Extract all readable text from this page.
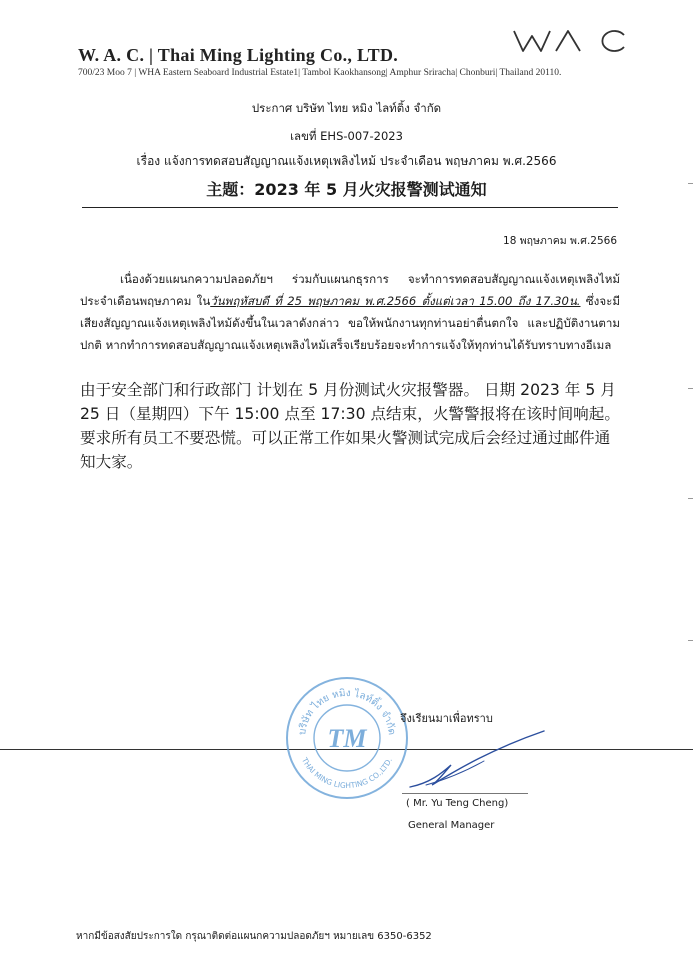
W. A. C. | Thai Ming Lighting Co., LTD.
700/23 Moo 7 | WHA Eastern Seaboard Industrial Estate1| Tambol Kaokhansong| Amphur Sriracha| Chonburi| Thailand 20110.
ประกาศ บริษัท ไทย หมิง ไลท์ติ้ง จำกัด
เลขที่ EHS-007-2023
เรื่อง แจ้งการทดสอบสัญญาณแจ้งเหตุเพลิงไหม้ ประจำเดือน พฤษภาคม พ.ศ.2566
主题：2023 年 5 月火灾报警测试通知
18 พฤษภาคม พ.ศ.2566
เนื่องด้วยแผนกความปลอดภัยฯ ร่วมกับแผนกธุรการ จะทำการทดสอบสัญญาณแจ้งเหตุเพลิงไหม้ประจำเดือนพฤษภาคม ในวันพฤหัสบดี ที่ 25 พฤษภาคม พ.ศ.2566 ตั้งแต่เวลา 15.00 ถึง 17.30น. ซึ่งจะมีเสียงสัญญาณแจ้งเหตุเพลิงไหม้ดังขึ้นในเวลาดังกล่าว ขอให้พนักงานทุกท่านอย่าตื่นตกใจ และปฏิบัติงานตามปกติ หากทำการทดสอบสัญญาณแจ้งเหตุเพลิงไหม้เสร็จเรียบร้อยจะทำการแจ้งให้ทุกท่านได้รับทราบทางอีเมล
由于安全部门和行政部门 计划在 5 月份测试火灾报警器。 日期 2023 年 5 月 25 日（星期四）下午 15:00 点至 17:30 点结束，火警警报将在该时间响起。要求所有员工不要恐慌。可以正常工作如果火警测试完成后会经过通过邮件通知大家。
บริษัท ไทย หมิง ไลท์ติ้ง จำกัด
THAI MING LIGHTING CO.,LTD.
TM
จึงเรียนมาเพื่อทราบ
( Mr. Yu Teng Cheng)
General Manager
หากมีข้อสงสัยประการใด กรุณาติดต่อแผนกความปลอดภัยฯ หมายเลข 6350-6352
